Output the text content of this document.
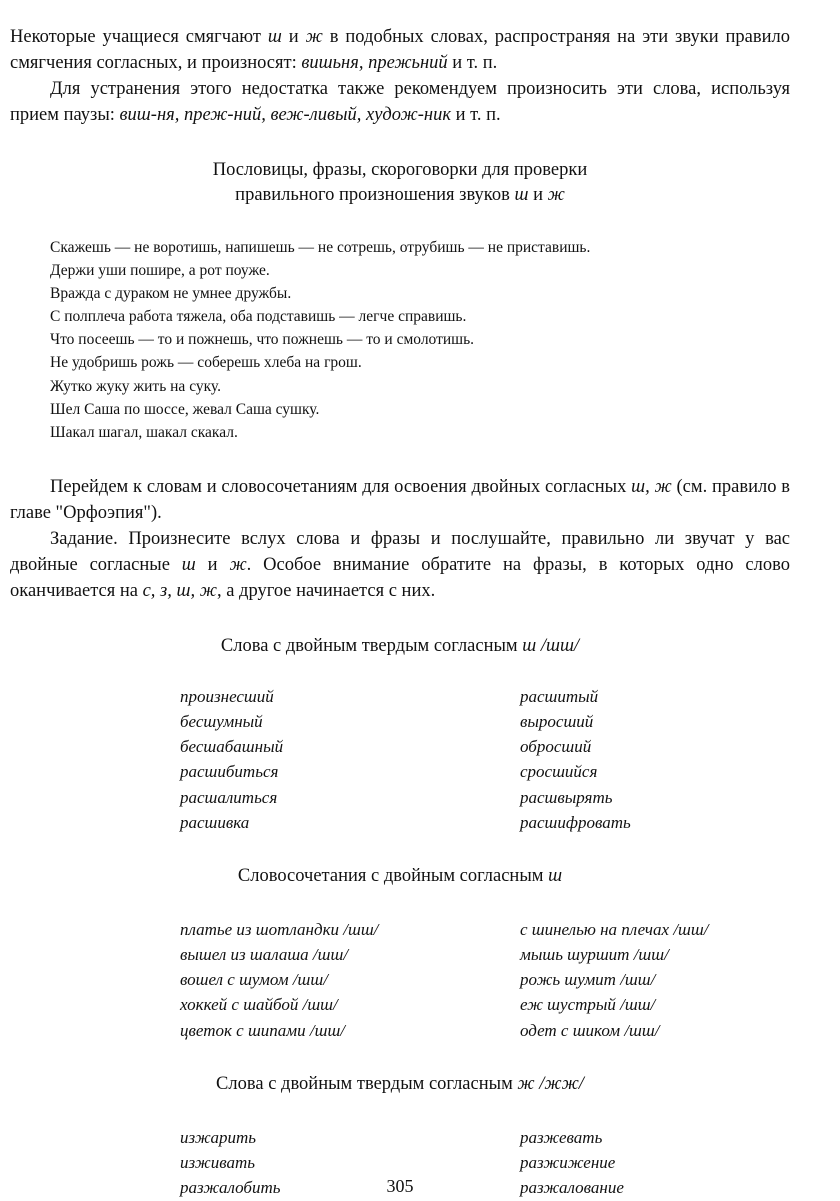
Некоторые учащиеся смягчают ш и ж в подобных словах, распространяя на эти звуки правило смягчения согласных, и произносят: вишьня, прежьний и т. п.

Для устранения этого недостатка также рекомендуем произносить эти слова, используя прием паузы: виш-ня, преж-ний, веж-ливый, худож-ник и т. п.

Пословицы, фразы, скороговорки для проверки
правильного произношения звуков ш и ж
Скажешь — не воротишь, напишешь — не сотрешь, отрубишь — не приставишь.
Держи уши пошире, а рот поуже.
Вражда с дураком не умнее дружбы.
С полплеча работа тяжела, оба подставишь — легче справишь.
Что посеешь — то и пожнешь, что пожнешь — то и смолотишь.
Не удобришь рожь — соберешь хлеба на грош.
Жутко жуку жить на суку.
Шел Саша по шоссе, жевал Саша сушку.
Шакал шагал, шакал скакал.

Перейдем к словам и словосочетаниям для освоения двойных согласных ш, ж (см. правило в главе "Орфоэпия").

Задание. Произнесите вслух слова и фразы и послушайте, правильно ли звучат у вас двойные согласные ш и ж. Особое внимание обратите на фразы, в которых одно слово оканчивается на с, з, ш, ж, а другое начинается с них.

Слова с двойным твердым согласным ш /шш/
произнесший
бесшумный
бесшабашный
расшибиться
расшалиться
расшивка
расшитый
выросший
обросший
сросшийся
расшвырять
расшифровать
Словосочетания с двойным согласным ш
платье из шотландки /шш/
вышел из шалаша /шш/
вошел с шумом /шш/
хоккей с шайбой /шш/
цветок с шипами /шш/
с шинелью на плечах /шш/
мышь шуршит /шш/
рожь шумит /шш/
еж шустрый /шш/
одет с шиком /шш/
Слова с двойным твердым согласным ж /жж/
изжарить
изживать
разжалобить
разжевать
разжижение
разжалование
305
